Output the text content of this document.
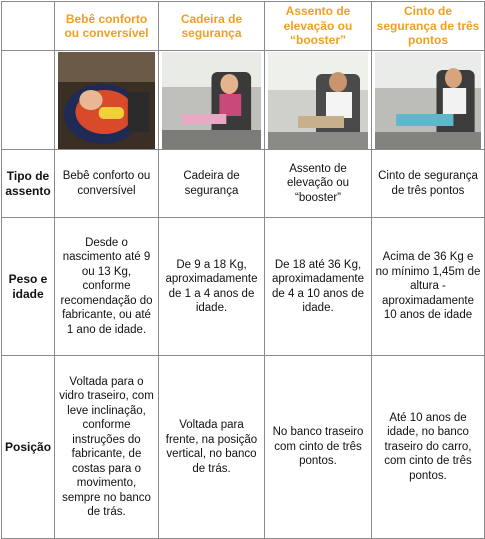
	Bebê conforto ou conversível	Cadeira de segurança	Assento de elevação ou “booster”	Cinto de segurança de três pontos

Tipo de assento	Bebê conforto ou conversível	Cadeira de segurança	Assento de elevação ou “booster”	Cinto de segurança de três pontos
Peso e idade	Desde o nascimento até 9 ou 13 Kg, conforme recomendação do fabricante, ou até 1 ano de idade.	De 9 a 18 Kg, aproximadamente de 1 a 4 anos de idade.	De 18 até 36 Kg, aproximadamente de 4 a 10 anos de idade.	Acima de 36 Kg e no mínimo 1,45m de altura - aproximadamente 10 anos de idade
Posição	Voltada para o vidro traseiro, com leve inclinação, conforme instruções do fabricante, de costas para o movimento, sempre no banco de trás.	Voltada para frente, na posição vertical, no banco de trás.	No banco traseiro com cinto de três pontos.	Até 10 anos de idade, no banco traseiro do carro, com cinto de três pontos.
